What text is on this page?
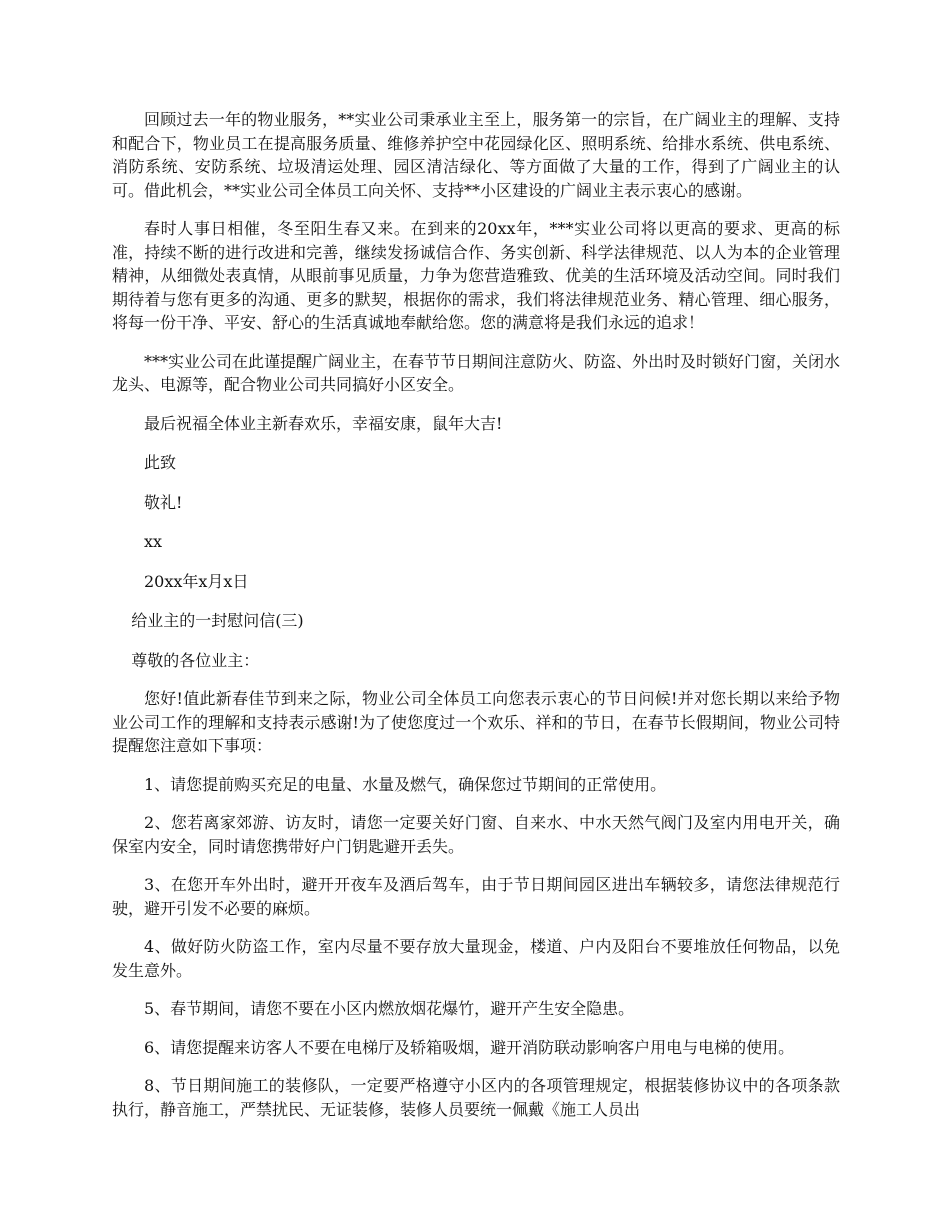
回顾过去一年的物业服务，**实业公司秉承业主至上，服务第一的宗旨，在广阔业主的理解、支持和配合下，物业员工在提高服务质量、维修养护空中花园绿化区、照明系统、给排水系统、供电系统、消防系统、安防系统、垃圾清运处理、园区清洁绿化、等方面做了大量的工作，得到了广阔业主的认可。借此机会，**实业公司全体员工向关怀、支持**小区建设的广阔业主表示衷心的感谢。

春时人事日相催，冬至阳生春又来。在到来的20xx年，***实业公司将以更高的要求、更高的标准，持续不断的进行改进和完善，继续发扬诚信合作、务实创新、科学法律规范、以人为本的企业管理精神，从细微处表真情，从眼前事见质量，力争为您营造雅致、优美的生活环境及活动空间。同时我们期待着与您有更多的沟通、更多的默契，根据你的需求，我们将法律规范业务、精心管理、细心服务，将每一份干净、平安、舒心的生活真诚地奉献给您。您的满意将是我们永远的追求！

***实业公司在此谨提醒广阔业主，在春节节日期间注意防火、防盗、外出时及时锁好门窗，关闭水龙头、电源等，配合物业公司共同搞好小区安全。

最后祝福全体业主新春欢乐，幸福安康，鼠年大吉!

此致

敬礼!

xx

20xx年x月x日

给业主的一封慰问信(三)

尊敬的各位业主：

您好!值此新春佳节到来之际，物业公司全体员工向您表示衷心的节日问候!并对您长期以来给予物业公司工作的理解和支持表示感谢!为了使您度过一个欢乐、祥和的节日，在春节长假期间，物业公司特提醒您注意如下事项：

1、请您提前购买充足的电量、水量及燃气，确保您过节期间的正常使用。

2、您若离家郊游、访友时，请您一定要关好门窗、自来水、中水天然气阀门及室内用电开关，确保室内安全，同时请您携带好户门钥匙避开丢失。

3、在您开车外出时，避开开夜车及酒后驾车，由于节日期间园区进出车辆较多，请您法律规范行驶，避开引发不必要的麻烦。

4、做好防火防盗工作，室内尽量不要存放大量现金，楼道、户内及阳台不要堆放任何物品，以免发生意外。

5、春节期间，请您不要在小区内燃放烟花爆竹，避开产生安全隐患。

6、请您提醒来访客人不要在电梯厅及轿箱吸烟，避开消防联动影响客户用电与电梯的使用。

8、节日期间施工的装修队，一定要严格遵守小区内的各项管理规定，根据装修协议中的各项条款执行，静音施工，严禁扰民、无证装修，装修人员要统一佩戴《施工人员出
